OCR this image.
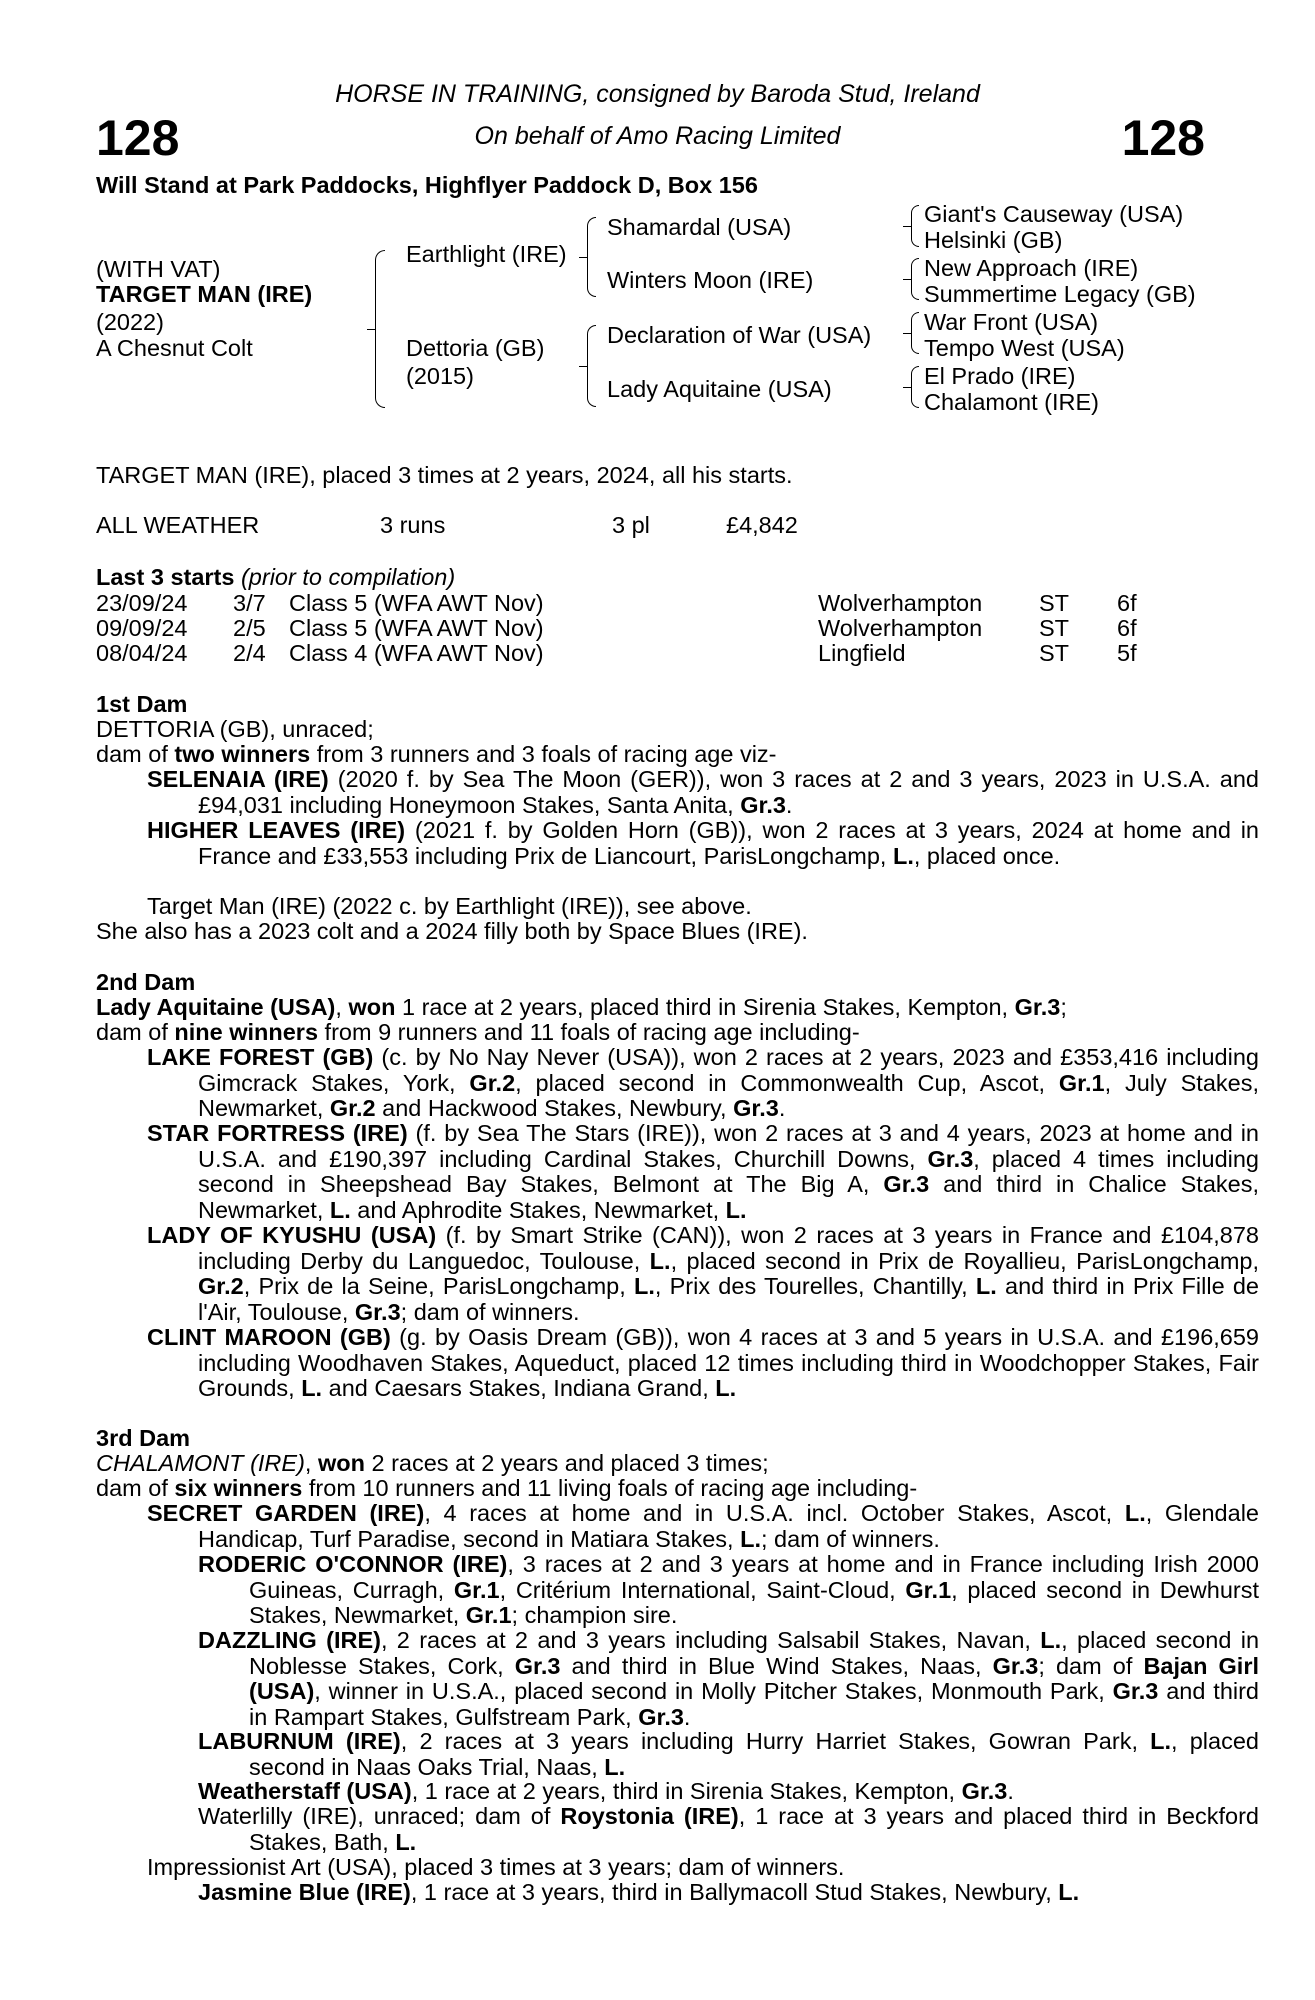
128	128
HORSE IN TRAINING, consigned by Baroda Stud, Ireland
On behalf of Amo Racing Limited
Will Stand at Park Paddocks, Highflyer Paddock D, Box 156
(WITH VAT)
TARGET MAN (IRE)
(2022)
A Chesnut Colt
Earthlight (IRE)
Dettoria (GB)
(2015)
Shamardal (USA)
Winters Moon (IRE)
Declaration of War (USA)
Lady Aquitaine (USA)
Giant's Causeway (USA)
Helsinki (GB)
New Approach (IRE)
Summertime Legacy (GB)
War Front (USA)
Tempo West (USA)
El Prado (IRE)
Chalamont (IRE)
TARGET MAN (IRE), placed 3 times at 2 years, 2024, all his starts.
ALL WEATHER	3 runs	3 pl	£4,842
Last 3 starts (prior to compilation)
23/09/24 3/7 Class 5 (WFA AWT Nov)	Wolverhampton ST 6f
09/09/24 2/5 Class 5 (WFA AWT Nov)	Wolverhampton ST 6f
08/04/24 2/4 Class 4 (WFA AWT Nov)	Lingfield	ST 5f
1st Dam
DETTORIA (GB), unraced;
dam of two winners from 3 runners and 3 foals of racing age viz-
SELENAIA (IRE) (2020 f. by Sea The Moon (GER)), won 3 races at 2 and 3 years, 2023 in U.S.A. and £94,031 including Honeymoon Stakes, Santa Anita, Gr.3.
HIGHER LEAVES (IRE) (2021 f. by Golden Horn (GB)), won 2 races at 3 years, 2024 at home and in France and £33,553 including Prix de Liancourt, ParisLongchamp, L., placed once.
Target Man (IRE) (2022 c. by Earthlight (IRE)), see above.
She also has a 2023 colt and a 2024 filly both by Space Blues (IRE).
2nd Dam
Lady Aquitaine (USA), won 1 race at 2 years, placed third in Sirenia Stakes, Kempton, Gr.3;
dam of nine winners from 9 runners and 11 foals of racing age including-
LAKE FOREST (GB) (c. by No Nay Never (USA)), won 2 races at 2 years, 2023 and £353,416 including Gimcrack Stakes, York, Gr.2, placed second in Commonwealth Cup, Ascot, Gr.1, July Stakes, Newmarket, Gr.2 and Hackwood Stakes, Newbury, Gr.3.
STAR FORTRESS (IRE) (f. by Sea The Stars (IRE)), won 2 races at 3 and 4 years, 2023 at home and in U.S.A. and £190,397 including Cardinal Stakes, Churchill Downs, Gr.3, placed 4 times including second in Sheepshead Bay Stakes, Belmont at The Big A, Gr.3 and third in Chalice Stakes, Newmarket, L. and Aphrodite Stakes, Newmarket, L.
LADY OF KYUSHU (USA) (f. by Smart Strike (CAN)), won 2 races at 3 years in France and £104,878 including Derby du Languedoc, Toulouse, L., placed second in Prix de Royallieu, ParisLongchamp, Gr.2, Prix de la Seine, ParisLongchamp, L., Prix des Tourelles, Chantilly, L. and third in Prix Fille de l'Air, Toulouse, Gr.3; dam of winners.
CLINT MAROON (GB) (g. by Oasis Dream (GB)), won 4 races at 3 and 5 years in U.S.A. and £196,659 including Woodhaven Stakes, Aqueduct, placed 12 times including third in Woodchopper Stakes, Fair Grounds, L. and Caesars Stakes, Indiana Grand, L.
3rd Dam
CHALAMONT (IRE), won 2 races at 2 years and placed 3 times;
dam of six winners from 10 runners and 11 living foals of racing age including-
SECRET GARDEN (IRE), 4 races at home and in U.S.A. incl. October Stakes, Ascot, L., Glendale Handicap, Turf Paradise, second in Matiara Stakes, L.; dam of winners.
RODERIC O'CONNOR (IRE), 3 races at 2 and 3 years at home and in France including Irish 2000 Guineas, Curragh, Gr.1, Critérium International, Saint-Cloud, Gr.1, placed second in Dewhurst Stakes, Newmarket, Gr.1; champion sire.
DAZZLING (IRE), 2 races at 2 and 3 years including Salsabil Stakes, Navan, L., placed second in Noblesse Stakes, Cork, Gr.3 and third in Blue Wind Stakes, Naas, Gr.3; dam of Bajan Girl (USA), winner in U.S.A., placed second in Molly Pitcher Stakes, Monmouth Park, Gr.3 and third in Rampart Stakes, Gulfstream Park, Gr.3.
LABURNUM (IRE), 2 races at 3 years including Hurry Harriet Stakes, Gowran Park, L., placed second in Naas Oaks Trial, Naas, L.
Weatherstaff (USA), 1 race at 2 years, third in Sirenia Stakes, Kempton, Gr.3.
Waterlilly (IRE), unraced; dam of Roystonia (IRE), 1 race at 3 years and placed third in Beckford Stakes, Bath, L.
Impressionist Art (USA), placed 3 times at 3 years; dam of winners.
Jasmine Blue (IRE), 1 race at 3 years, third in Ballymacoll Stud Stakes, Newbury, L.
